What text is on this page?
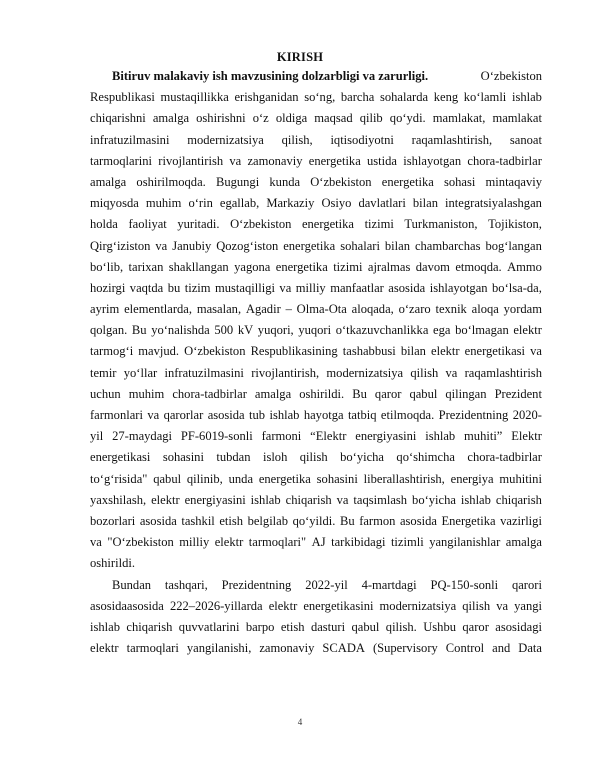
KIRISH
Bitiruv malakaviy ish mavzusining dolzarbligi va zarurligi.	O‘zbekiston
Respublikasi mustaqillikka erishganidan so‘ng, barcha sohalarda keng ko‘lamli ishlab
chiqarishni amalga oshirishni o‘z oldiga maqsad qilib qo‘ydi. mamlakat, mamlakat
infratuzilmasini modernizatsiya qilish, iqtisodiyotni raqamlashtirish, sanoat
tarmoqlarini rivojlantirish va zamonaviy energetika ustida ishlayotgan chora-tadbirlar
amalga oshirilmoqda. Bugungi kunda O‘zbekiston energetika sohasi mintaqaviy
miqyosda muhim o‘rin egallab, Markaziy Osiyo davlatlari bilan integratsiyalashgan
holda faoliyat yuritadi. O‘zbekiston energetika tizimi Turkmaniston, Tojikiston,
Qirg‘iziston va Janubiy Qozog‘iston energetika sohalari bilan chambarchas bog‘langan
bo‘lib, tarixan shakllangan yagona energetika tizimi ajralmas davom etmoqda. Ammo
hozirgi vaqtda bu tizim mustaqilligi va milliy manfaatlar asosida ishlayotgan bo‘lsa-da,
ayrim elementlarda, masalan, Agadir – Olma-Ota aloqada, o‘zaro texnik aloqa yordam
qolgan. Bu yo‘nalishda 500 kV yuqori, yuqori o‘tkazuvchanlikka ega bo‘lmagan elektr
tarmog‘i mavjud. O‘zbekiston Respublikasining tashabbusi bilan elektr energetikasi va
temir yo‘llar infratuzilmasini rivojlantirish, modernizatsiya qilish va raqamlashtirish
uchun muhim chora-tadbirlar amalga oshirildi. Bu qaror qabul qilingan Prezident
farmonlari va qarorlar asosida tub ishlab hayotga tatbiq etilmoqda. Prezidentning 2020-
yil 27-maydagi PF-6019-sonli farmoni “Elektr energiyasini ishlab muhiti” Elektr
energetikasi sohasini tubdan isloh qilish bo‘yicha qo‘shimcha chora-tadbirlar
to‘g‘risida" qabul qilinib, unda energetika sohasini liberallashtirish, energiya muhitini
yaxshilash, elektr energiyasini ishlab chiqarish va taqsimlash bo‘yicha ishlab chiqarish
bozorlari asosida tashkil etish belgilab qo‘yildi. Bu farmon asosida Energetika vazirligi
va "O‘zbekiston milliy elektr tarmoqlari" AJ tarkibidagi tizimli yangilanishlar amalga
oshirildi.
Bundan tashqari, Prezidentning 2022-yil 4-martdagi PQ-150-sonli qarori
asosidaasosida 222–2026-yillarda elektr energetikasini modernizatsiya qilish va yangi
ishlab chiqarish quvvatlarini barpo etish dasturi qabul qilish. Ushbu qaror asosidagi
elektr tarmoqlari yangilanishi, zamonaviy SCADA (Supervisory Control and Data
4
